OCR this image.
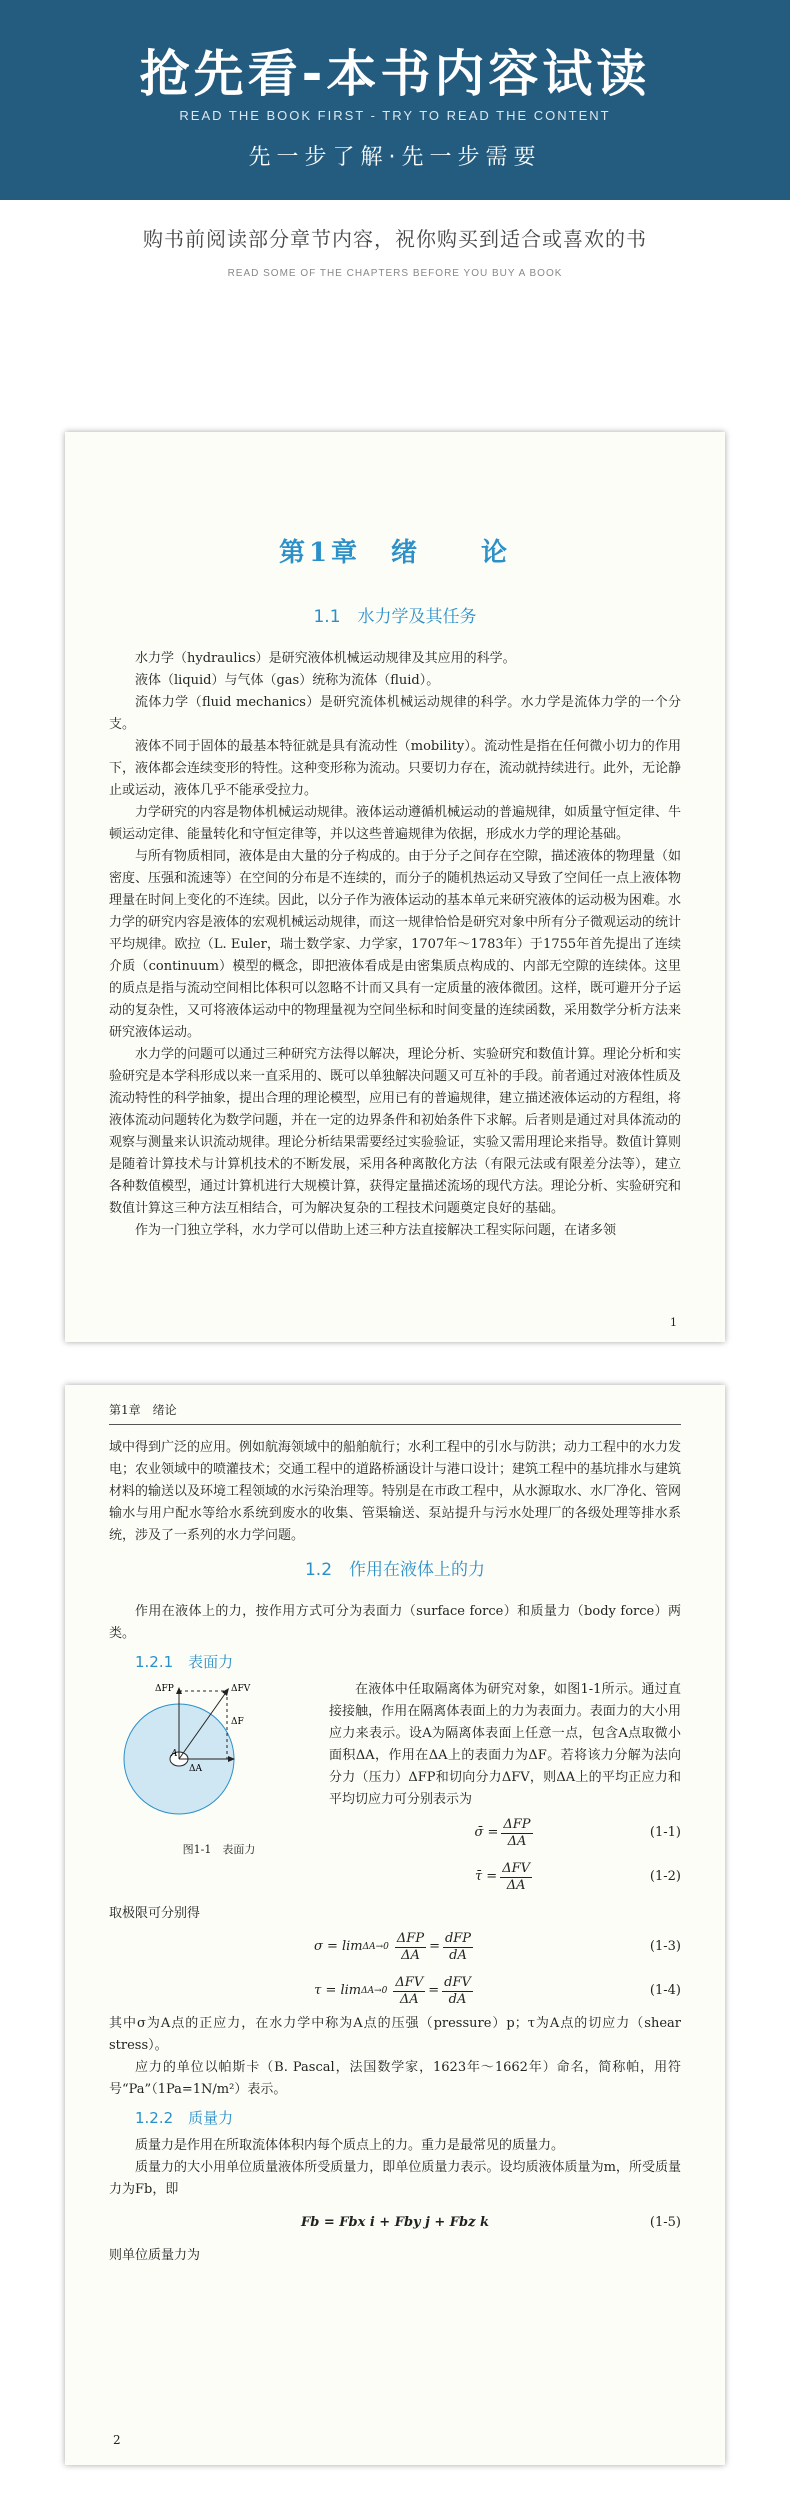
抢先看-本书内容试读
READ THE BOOK FIRST - TRY TO READ THE CONTENT
先一步了解·先一步需要
购书前阅读部分章节内容，祝你购买到适合或喜欢的书
READ SOME OF THE CHAPTERS BEFORE YOU BUY A BOOK
第1章　绪　　论
1.1　水力学及其任务

水力学（hydraulics）是研究液体机械运动规律及其应用的科学。

液体（liquid）与气体（gas）统称为流体（fluid）。

流体力学（fluid mechanics）是研究流体机械运动规律的科学。水力学是流体力学的一个分支。

液体不同于固体的最基本特征就是具有流动性（mobility）。流动性是指在任何微小切力的作用下，液体都会连续变形的特性。这种变形称为流动。只要切力存在，流动就持续进行。此外，无论静止或运动，液体几乎不能承受拉力。

力学研究的内容是物体机械运动规律。液体运动遵循机械运动的普遍规律，如质量守恒定律、牛顿运动定律、能量转化和守恒定律等，并以这些普遍规律为依据，形成水力学的理论基础。

与所有物质相同，液体是由大量的分子构成的。由于分子之间存在空隙，描述液体的物理量（如密度、压强和流速等）在空间的分布是不连续的，而分子的随机热运动又导致了空间任一点上液体物理量在时间上变化的不连续。因此，以分子作为液体运动的基本单元来研究液体的运动极为困难。水力学的研究内容是液体的宏观机械运动规律，而这一规律恰恰是研究对象中所有分子微观运动的统计平均规律。欧拉（L. Euler，瑞士数学家、力学家，1707年～1783年）于1755年首先提出了连续介质（continuum）模型的概念，即把液体看成是由密集质点构成的、内部无空隙的连续体。这里的质点是指与流动空间相比体积可以忽略不计而又具有一定质量的液体微团。这样，既可避开分子运动的复杂性，又可将液体运动中的物理量视为空间坐标和时间变量的连续函数，采用数学分析方法来研究液体运动。

水力学的问题可以通过三种研究方法得以解决，理论分析、实验研究和数值计算。理论分析和实验研究是本学科形成以来一直采用的、既可以单独解决问题又可互补的手段。前者通过对液体性质及流动特性的科学抽象，提出合理的理论模型，应用已有的普遍规律，建立描述液体运动的方程组，将液体流动问题转化为数学问题，并在一定的边界条件和初始条件下求解。后者则是通过对具体流动的观察与测量来认识流动规律。理论分析结果需要经过实验验证，实验又需用理论来指导。数值计算则是随着计算技术与计算机技术的不断发展，采用各种离散化方法（有限元法或有限差分法等），建立各种数值模型，通过计算机进行大规模计算，获得定量描述流场的现代方法。理论分析、实验研究和数值计算这三种方法互相结合，可为解决复杂的工程技术问题奠定良好的基础。

作为一门独立学科，水力学可以借助上述三种方法直接解决工程实际问题，在诸多领

1
第1章　绪论

域中得到广泛的应用。例如航海领域中的船舶航行；水利工程中的引水与防洪；动力工程中的水力发电；农业领域中的喷灌技术；交通工程中的道路桥涵设计与港口设计；建筑工程中的基坑排水与建筑材料的输送以及环境工程领域的水污染治理等。特别是在市政工程中，从水源取水、水厂净化、管网输水与用户配水等给水系统到废水的收集、管渠输送、泵站提升与污水处理厂的各级处理等排水系统，涉及了一系列的水力学问题。

1.2　作用在液体上的力

作用在液体上的力，按作用方式可分为表面力（surface force）和质量力（body force）两类。

1.2.1　表面力
ΔFP	ΔFV
ΔF
A
ΔA
图1-1　表面力

在液体中任取隔离体为研究对象，如图1-1所示。通过直接接触，作用在隔离体表面上的力为表面力。表面力的大小用应力来表示。设A为隔离体表面上任意一点，包含A点取微小面积ΔA，作用在ΔA上的表面力为ΔF。若将该力分解为法向分力（压力）ΔFP和切向分力ΔFV，则ΔA上的平均正应力和平均切应力可分别表示为

σ̄ = $\frac{\text{ΔFP}}{\Delta A}$	(1-1)
τ̄ = $\frac{\text{ΔFV}}{\Delta A}$	(1-2)

取极限可分别得

$\sigma = \lim \Delta A\to 0 \frac{\text{ΔFP}}{\Delta A} = \frac{\text{dFP}}{dA}$	(1-3)
$\tau = \lim \Delta A\to 0 \frac{\text{ΔFV}}{\Delta A} = \frac{\text{dFV}}{dA}$	(1-4)

其中σ为A点的正应力，在水力学中称为A点的压强（pressure）p；τ为A点的切应力（shear stress）。

应力的单位以帕斯卡（B. Pascal，法国数学家，1623年～1662年）命名，简称帕，用符号“Pa”（1Pa=1N/m²）表示。

1.2.2　质量力

质量力是作用在所取流体体积内每个质点上的力。重力是最常见的质量力。

质量力的大小用单位质量液体所受质量力，即单位质量力表示。设均质液体质量为m，所受质量力为Fb，即

Fb = Fbx i + Fby j + Fbz k	(1-5)

则单位质量力为

2
